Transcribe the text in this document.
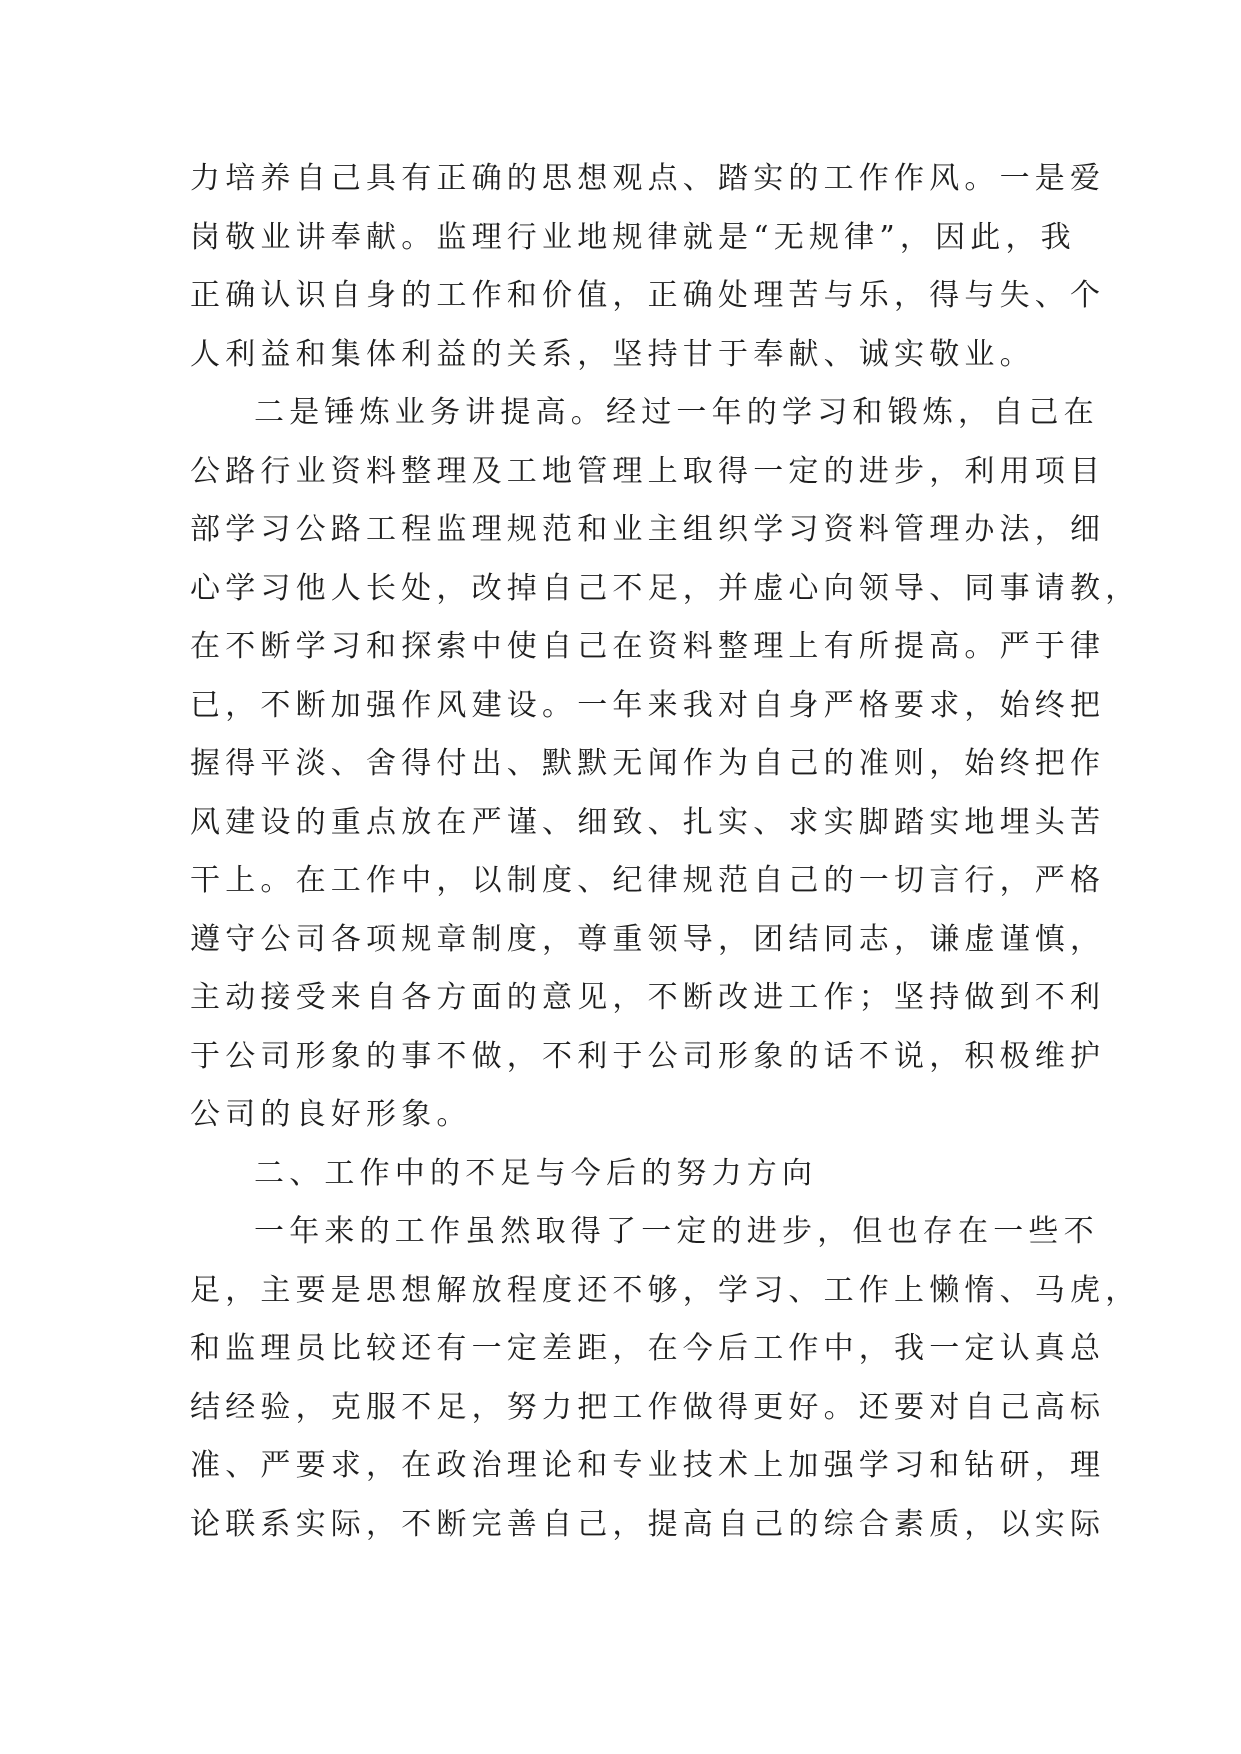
力培养自己具有正确的思想观点、踏实的工作作风。一是爱
岗敬业讲奉献。监理行业地规律就是“无规律”，因此，我
正确认识自身的工作和价值，正确处理苦与乐，得与失、个
人利益和集体利益的关系，坚持甘于奉献、诚实敬业。
二是锤炼业务讲提高。经过一年的学习和锻炼，自己在
公路行业资料整理及工地管理上取得一定的进步，利用项目
部学习公路工程监理规范和业主组织学习资料管理办法，细
心学习他人长处，改掉自己不足，并虚心向领导、同事请教，
在不断学习和探索中使自己在资料整理上有所提高。严于律
已，不断加强作风建设。一年来我对自身严格要求，始终把
握得平淡、舍得付出、默默无闻作为自己的准则，始终把作
风建设的重点放在严谨、细致、扎实、求实脚踏实地埋头苦
干上。在工作中，以制度、纪律规范自己的一切言行，严格
遵守公司各项规章制度，尊重领导，团结同志，谦虚谨慎，
主动接受来自各方面的意见，不断改进工作；坚持做到不利
于公司形象的事不做，不利于公司形象的话不说，积极维护
公司的良好形象。
二、工作中的不足与今后的努力方向
一年来的工作虽然取得了一定的进步，但也存在一些不
足，主要是思想解放程度还不够，学习、工作上懒惰、马虎，
和监理员比较还有一定差距，在今后工作中，我一定认真总
结经验，克服不足，努力把工作做得更好。还要对自己高标
准、严要求，在政治理论和专业技术上加强学习和钻研，理
论联系实际，不断完善自己，提高自己的综合素质，以实际
